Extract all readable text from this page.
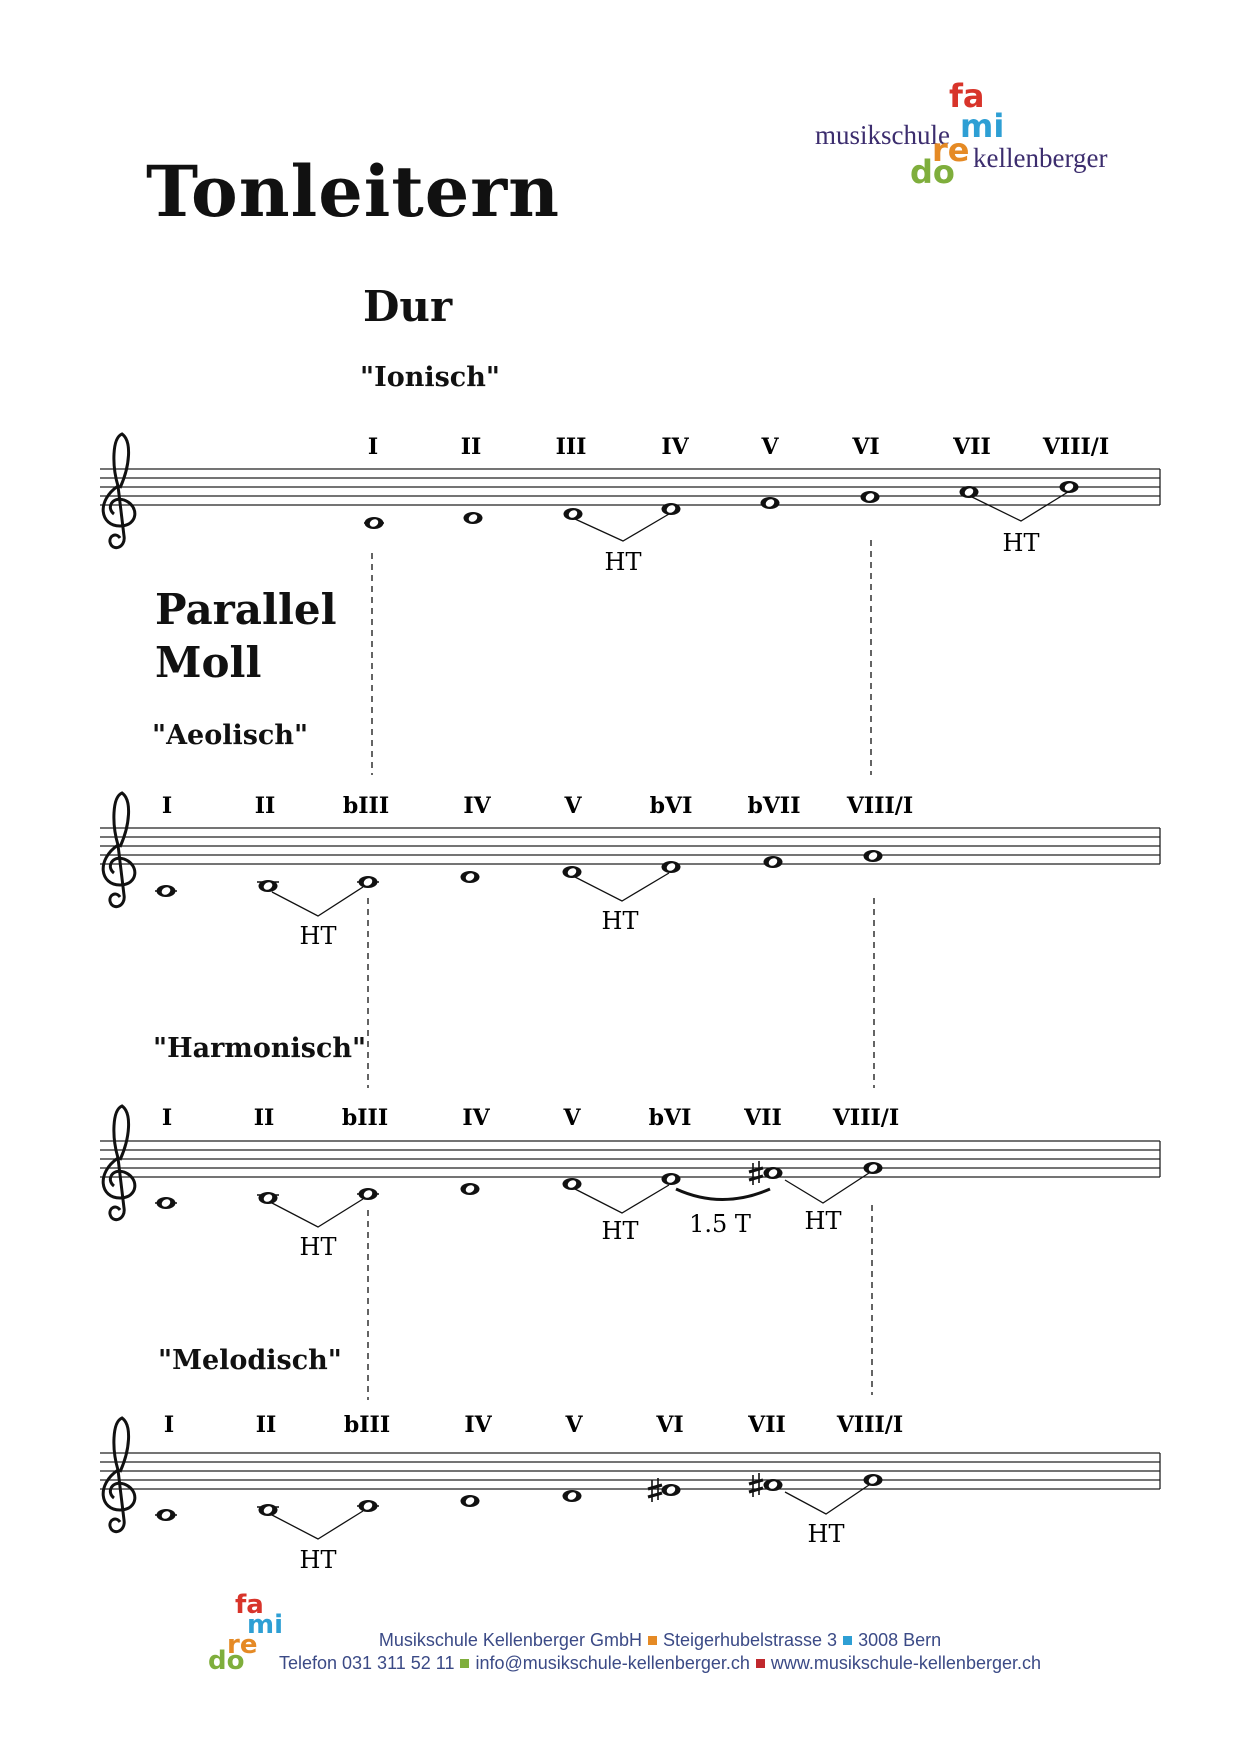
Tonleitern
musikschule
fa
mi
re kellenberger
do
Dur
"Ionisch"
Parallel
Moll
"Aeolisch"
"Harmonisch"
"Melodisch"
I	II	III	IV	V	VI	VII VIII/I
HT
HT
I	II	bIII	IV	V	bVI	bVII VIII/I
HT
HT
I	II	bIII	IV	V	bVI VII VIII/I
HT
HT 1.5 T HT
I	II	bIII	IV	V	VI	VII VIII/I
HT
HT
fa
mi
re
do
Musikschule Kellenberger GmbH Steigerhubelstrasse 3 3008 Bern
Telefon 031 311 52 11 info@musikschule-kellenberger.ch www.musikschule-kellenberger.ch
